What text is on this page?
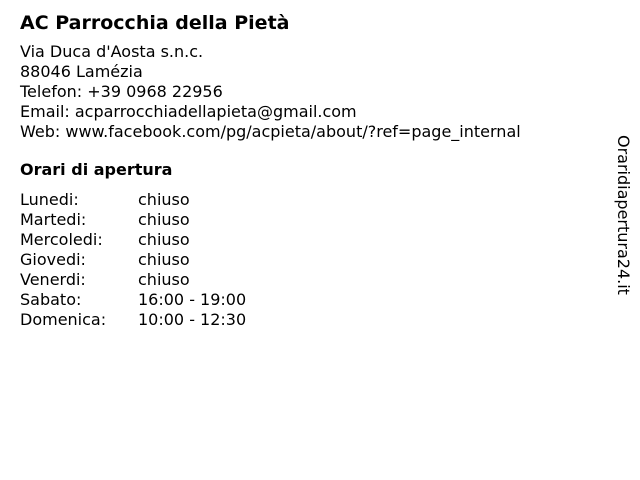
AC Parrocchia della Pietà
Via Duca d'Aosta s.n.c.
88046 Lamézia
Telefon: +39 0968 22956
Email: acparrocchiadellapieta@gmail.com
Web: www.facebook.com/pg/acpieta/about/?ref=page_internal
Orari di apertura
Lunedi:	chiuso
Martedi:	chiuso
Mercoledi:	chiuso
Giovedi:	chiuso
Venerdi:	chiuso
Sabato:	16:00 - 19:00
Domenica:	10:00 - 12:30
Oraridiapertura24.it
